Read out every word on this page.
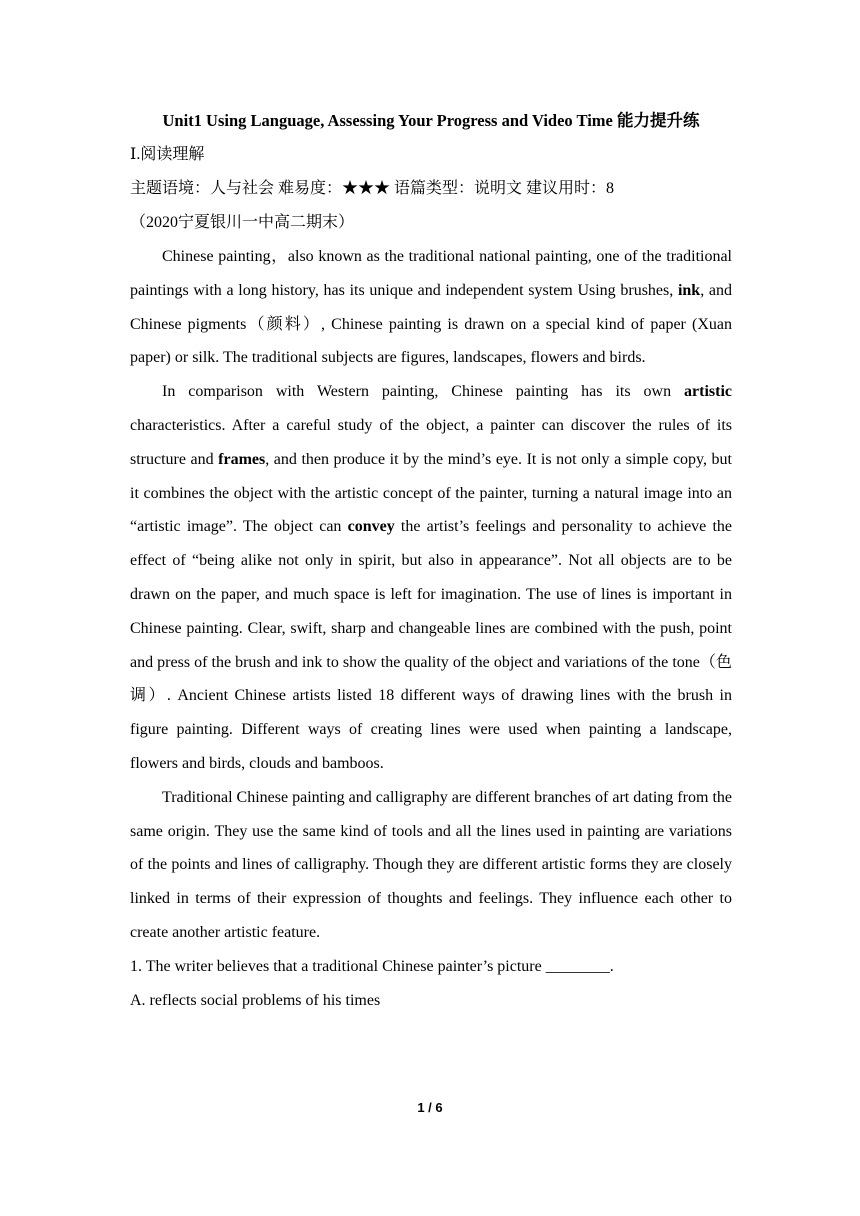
Unit1 Using Language, Assessing Your Progress and Video Time 能力提升练
Ⅰ.阅读理解
主题语境：人与社会 难易度：★★★ 语篇类型：说明文 建议用时：8
（2020宁夏银川一中高二期末）
Chinese painting，also known as the traditional national painting, one of the traditional paintings with a long history, has its unique and independent system Using brushes, ink, and Chinese pigments（颜料）, Chinese painting is drawn on a special kind of paper (Xuan paper) or silk. The traditional subjects are figures, landscapes, flowers and birds.
In comparison with Western painting, Chinese painting has its own artistic characteristics. After a careful study of the object, a painter can discover the rules of its structure and frames, and then produce it by the mind’s eye. It is not only a simple copy, but it combines the object with the artistic concept of the painter, turning a natural image into an “artistic image”. The object can convey the artist’s feelings and personality to achieve the effect of “being alike not only in spirit, but also in appearance”. Not all objects are to be drawn on the paper, and much space is left for imagination. The use of lines is important in Chinese painting. Clear, swift, sharp and changeable lines are combined with the push, point and press of the brush and ink to show the quality of the object and variations of the tone（色调）. Ancient Chinese artists listed 18 different ways of drawing lines with the brush in figure painting. Different ways of creating lines were used when painting a landscape, flowers and birds, clouds and bamboos.
Traditional Chinese painting and calligraphy are different branches of art dating from the same origin. They use the same kind of tools and all the lines used in painting are variations of the points and lines of calligraphy. Though they are different artistic forms they are closely linked in terms of their expression of thoughts and feelings. They influence each other to create another artistic feature.
1. The writer believes that a traditional Chinese painter’s picture ________.
A. reflects social problems of his times
1 / 6
